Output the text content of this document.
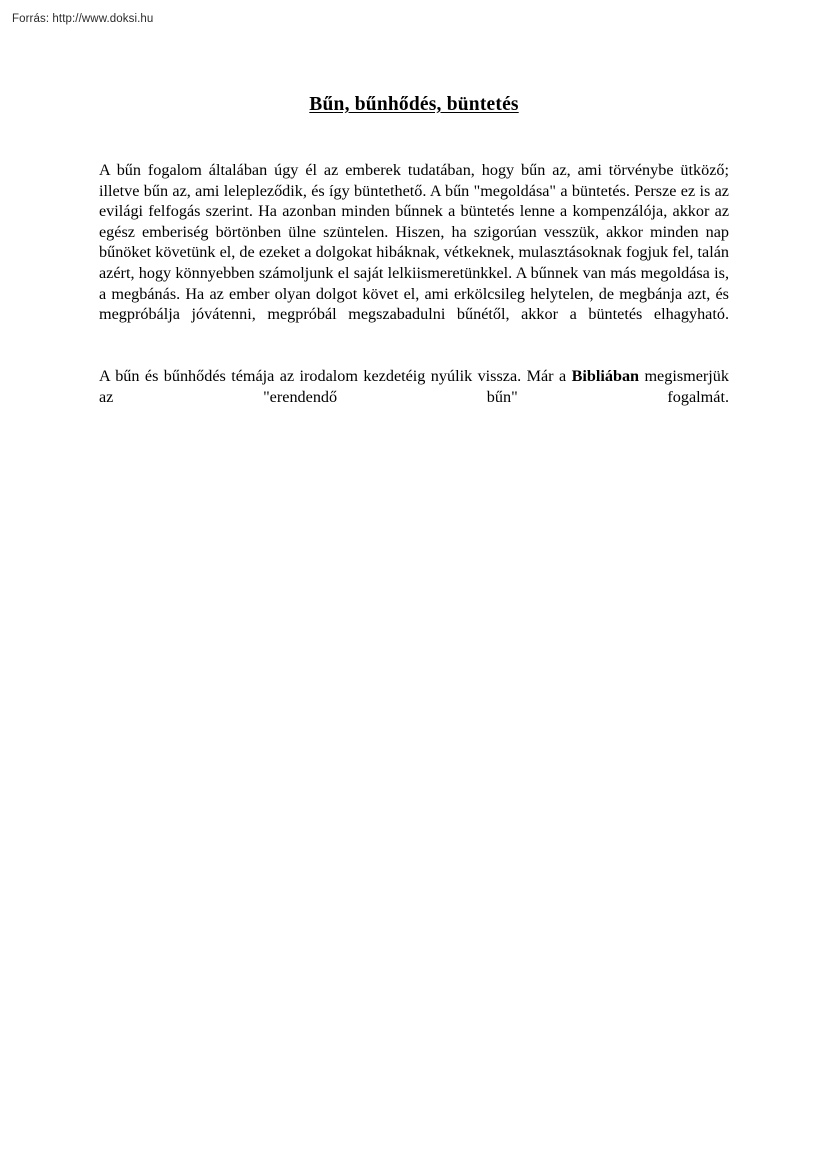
Forrás: http://www.doksi.hu
Bűn, bűnhődés, büntetés

A bűn fogalom általában úgy él az emberek tudatában, hogy bűn az, ami törvénybe ütköző; illetve bűn az, ami lelepleződik, és így büntethető. A bűn "megoldása" a büntetés. Persze ez is az evilági felfogás szerint. Ha azonban minden bűnnek a büntetés lenne a kompenzálója, akkor az egész emberiség börtönben ülne szüntelen. Hiszen, ha szigorúan vesszük, akkor minden nap bűnöket követünk el, de ezeket a dolgokat hibáknak, vétkeknek, mulasztásoknak fogjuk fel, talán azért, hogy könnyebben számoljunk el saját lelkiismeretünkkel. A bűnnek van más megoldása is, a megbánás. Ha az ember olyan dolgot követ el, ami erkölcsileg helytelen, de megbánja azt, és megpróbálja jóvátenni, megpróbál megszabadulni bűnétől, akkor a büntetés elhagyható.

A bűn és bűnhődés témája az irodalom kezdetéig nyúlik vissza. Már a Bibliában megismerjük az "erendendő bűn" fogalmát.
